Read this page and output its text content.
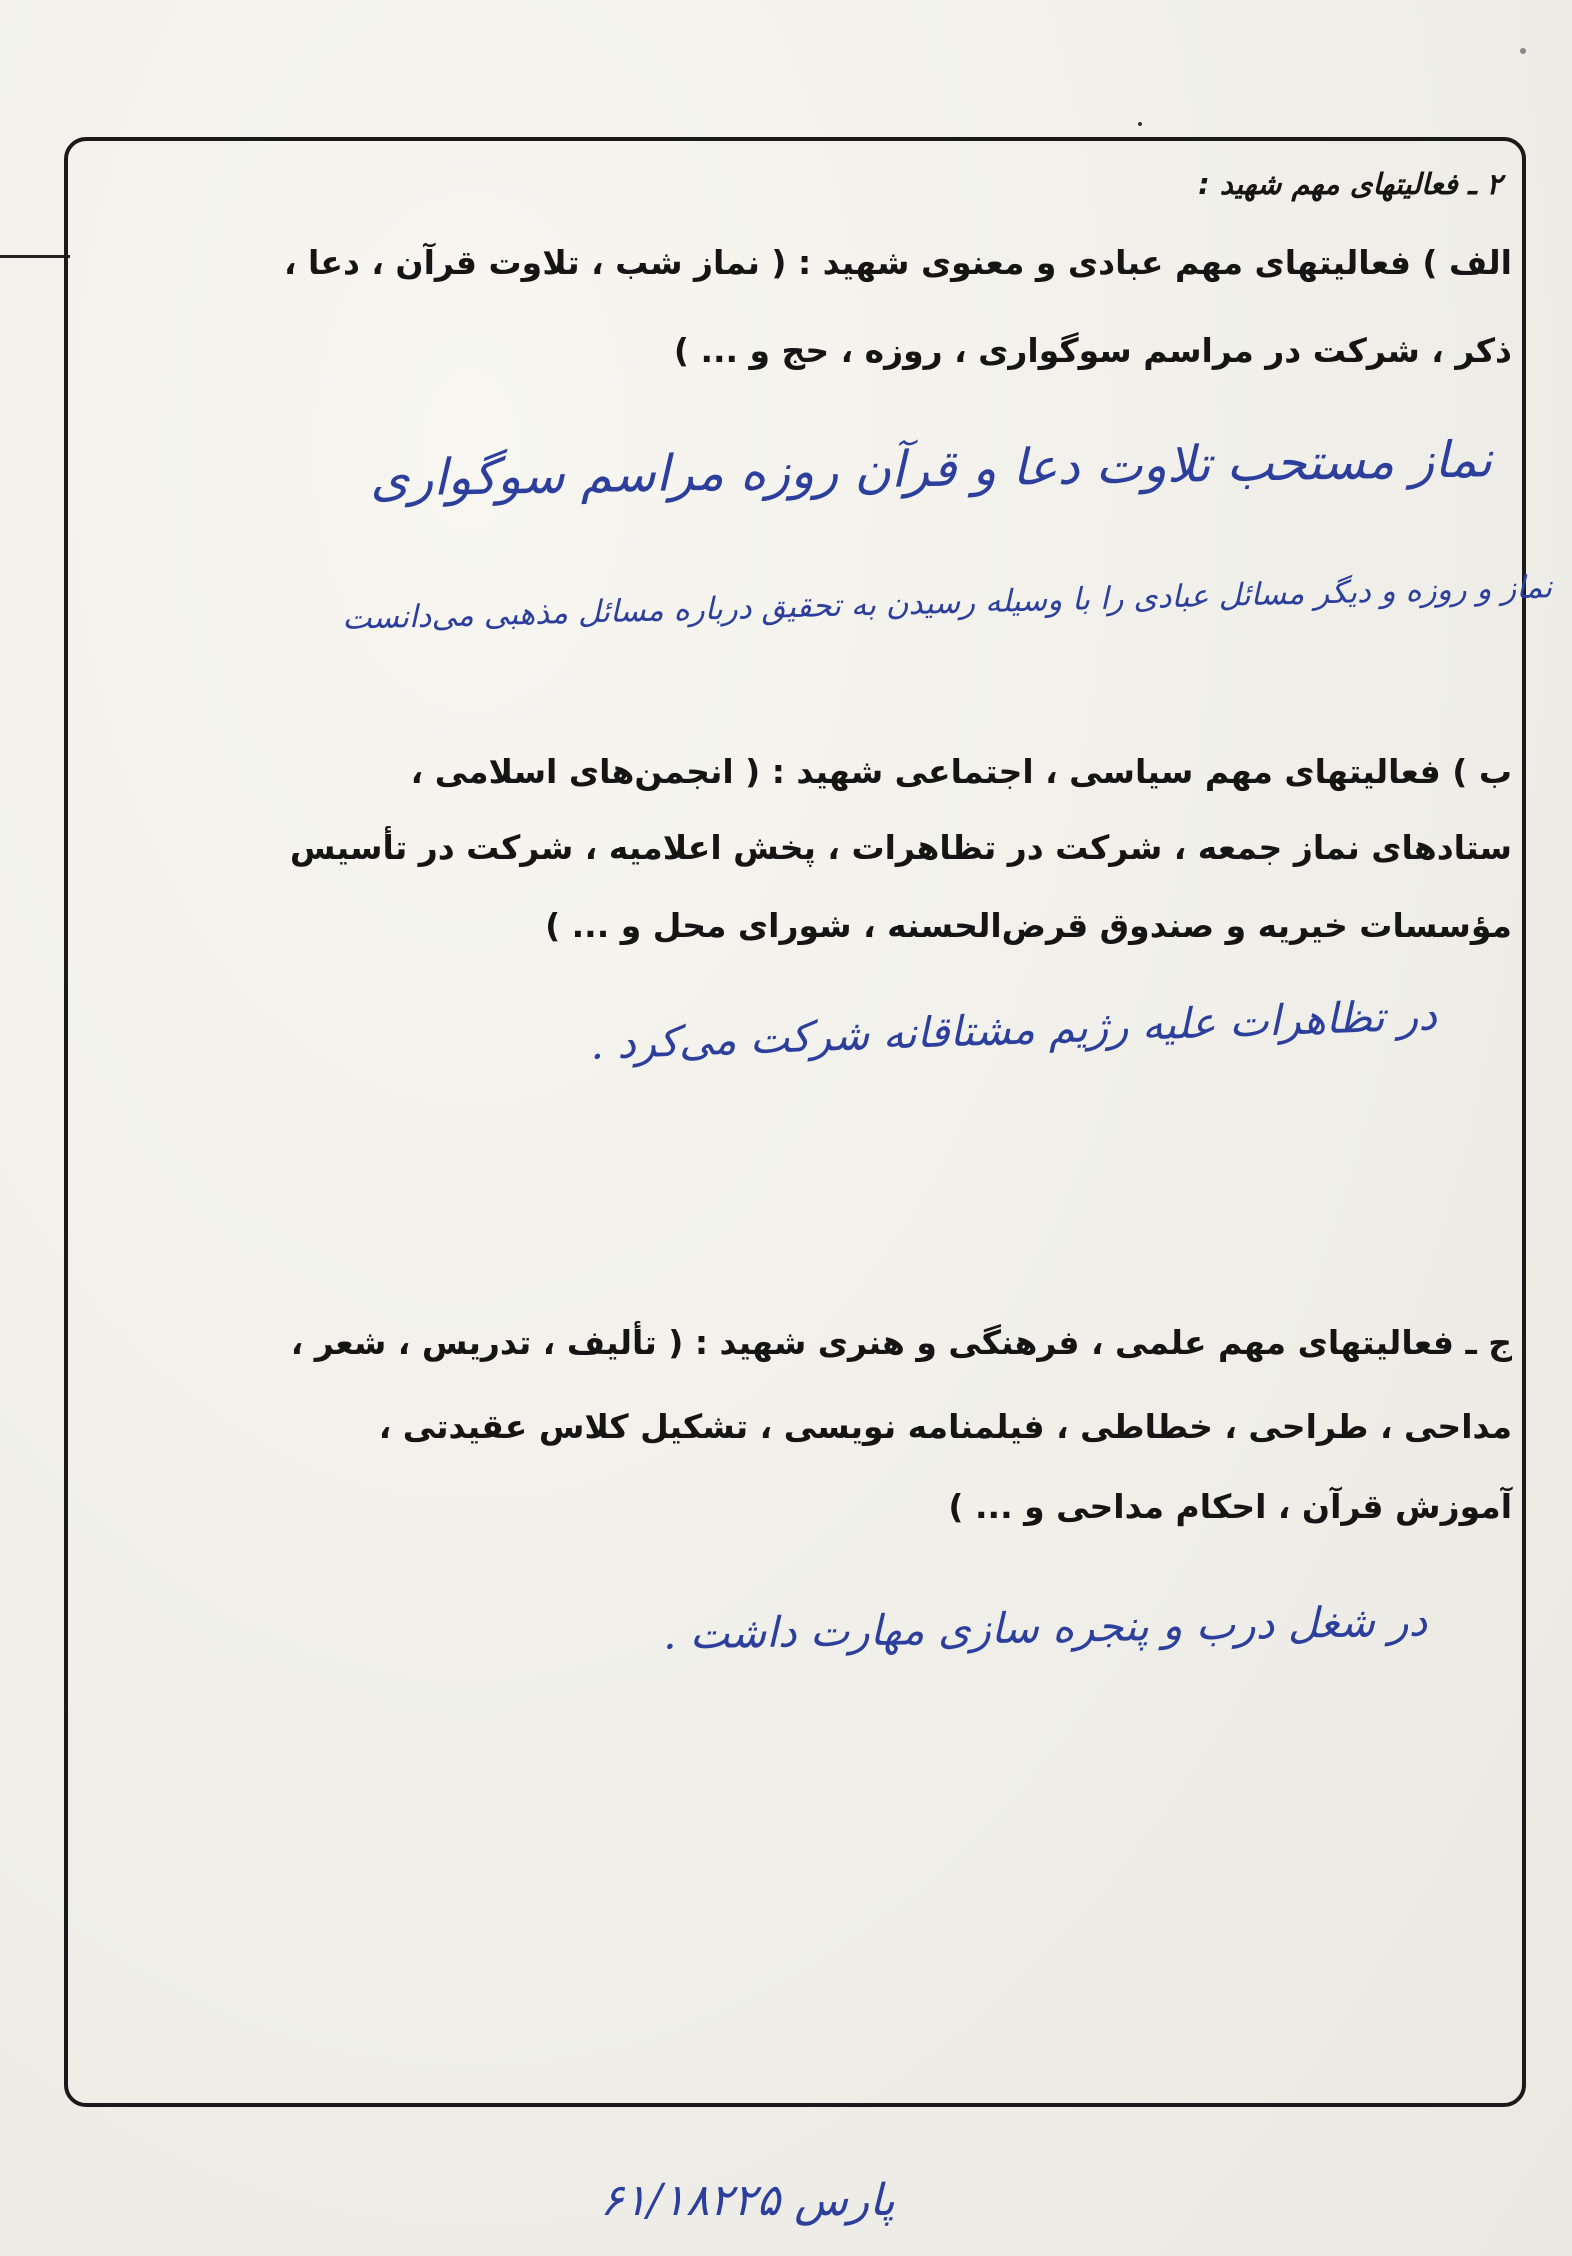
۲ ـ فعالیتهای مهم شهید :
الف ) فعالیتهای مهم عبادی و معنوی شهید : ( نماز شب ، تلاوت قرآن ، دعا ،
ذکر ، شرکت در مراسم سوگواری ، روزه ، حج و ... )
نماز مستحب تلاوت دعا و قرآن روزه مراسم سوگواری
نماز و روزه و دیگر مسائل عبادی را با وسیله رسیدن به تحقیق درباره مسائل مذهبی می‌دانست
ب ) فعالیتهای مهم سیاسی ، اجتماعی شهید : ( انجمن‌های اسلامی ،
ستادهای نماز جمعه ، شرکت در تظاهرات ، پخش اعلامیه ، شرکت در تأسیس
مؤسسات خیریه و صندوق قرض‌الحسنه ، شورای محل و ... )
در تظاهرات علیه رژیم مشتاقانه شرکت می‌کرد .
ج ـ فعالیتهای مهم علمی ، فرهنگی و هنری شهید : ( تألیف ، تدریس ، شعر ،
مداحی ، طراحی ، خطاطی ، فیلمنامه نویسی ، تشکیل کلاس عقیدتی ،
آموزش قرآن ، احکام مداحی و ... )
در شغل درب و پنجره سازی مهارت داشت .
پارس ۶۱/۱۸۲۲۵
